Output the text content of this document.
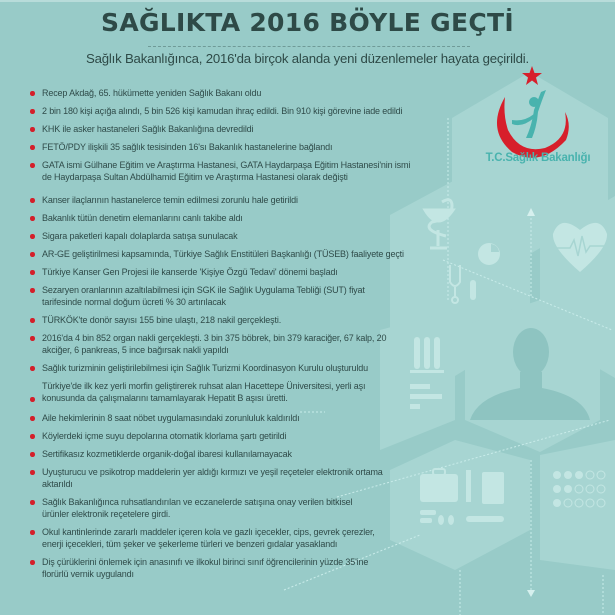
SAĞLIKTA 2016 BÖYLE GEÇTİ
Sağlık Bakanlığınca, 2016'da birçok alanda yeni düzenlemeler hayata geçirildi.
T.C.Sağlık Bakanlığı
Recep Akdağ, 65. hükümette yeniden Sağlık Bakanı oldu
2 bin 180 kişi açığa alındı, 5 bin 526 kişi kamudan ihraç edildi. Bin 910 kişi görevine iade edildi
KHK ile asker hastaneleri Sağlık Bakanlığına devredildi
FETÖ/PDY ilişkili 35 sağlık tesisinden 16'sı Bakanlık hastanelerine bağlandı
GATA ismi Gülhane Eğitim ve Araştırma Hastanesi, GATA Haydarpaşa Eğitim Hastanesi'nin ismi de Haydarpaşa Sultan Abdülhamid Eğitim ve Araştırma Hastanesi olarak değişti
Kanser ilaçlarının hastanelerce temin edilmesi zorunlu hale getirildi
Bakanlık tütün denetim elemanlarını canlı takibe aldı
Sigara paketleri kapalı dolaplarda satışa sunulacak
AR-GE geliştirilmesi kapsamında, Türkiye Sağlık Enstitüleri Başkanlığı (TÜSEB) faaliyete geçti
Türkiye Kanser Gen Projesi ile kanserde 'Kişiye Özgü Tedavi' dönemi başladı
Sezaryen oranlarının azaltılabilmesi için SGK ile Sağlık Uygulama Tebliği (SUT) fiyat tarifesinde normal doğum ücreti % 30 artırılacak
TÜRKÖK'te donör sayısı 155 bine ulaştı, 218 nakil gerçekleşti.
2016'da 4 bin 852 organ nakli gerçekleşti. 3 bin 375 böbrek, bin 379 karaciğer, 67 kalp, 20 akciğer, 6 pankreas, 5 ince bağırsak nakli yapıldı
Sağlık turizminin geliştirilebilmesi için Sağlık Turizmi Koordinasyon Kurulu oluşturuldu
Türkiye'de ilk kez yerli morfin geliştirerek ruhsat alan Hacettepe Üniversitesi, yerli aşı konusunda da çalışmalarını tamamlayarak Hepatit B aşısı üretti.
Aile hekimlerinin 8 saat nöbet uygulamasındaki zorunluluk kaldırıldı
Köylerdeki içme suyu depolarına otomatik klorlama şartı getirildi
Sertifikasız kozmetiklerde organik-doğal ibaresi kullanılamayacak
Uyuşturucu ve psikotrop maddelerin yer aldığı kırmızı ve yeşil reçeteler elektronik ortama aktarıldı
Sağlık Bakanlığınca ruhsatlandırılan ve eczanelerde satışına onay verilen bitkisel ürünler elektronik reçetelere girdi.
Okul kantinlerinde zararlı maddeler içeren kola ve gazlı içecekler, cips, gevrek çerezler, enerji içecekleri, tüm şeker ve şekerleme türleri ve benzeri gıdalar yasaklandı
Diş çürüklerini önlemek için anasınıfı ve ilkokul birinci sınıf öğrencilerinin yüzde 35'ine florürlü vernik uygulandı
